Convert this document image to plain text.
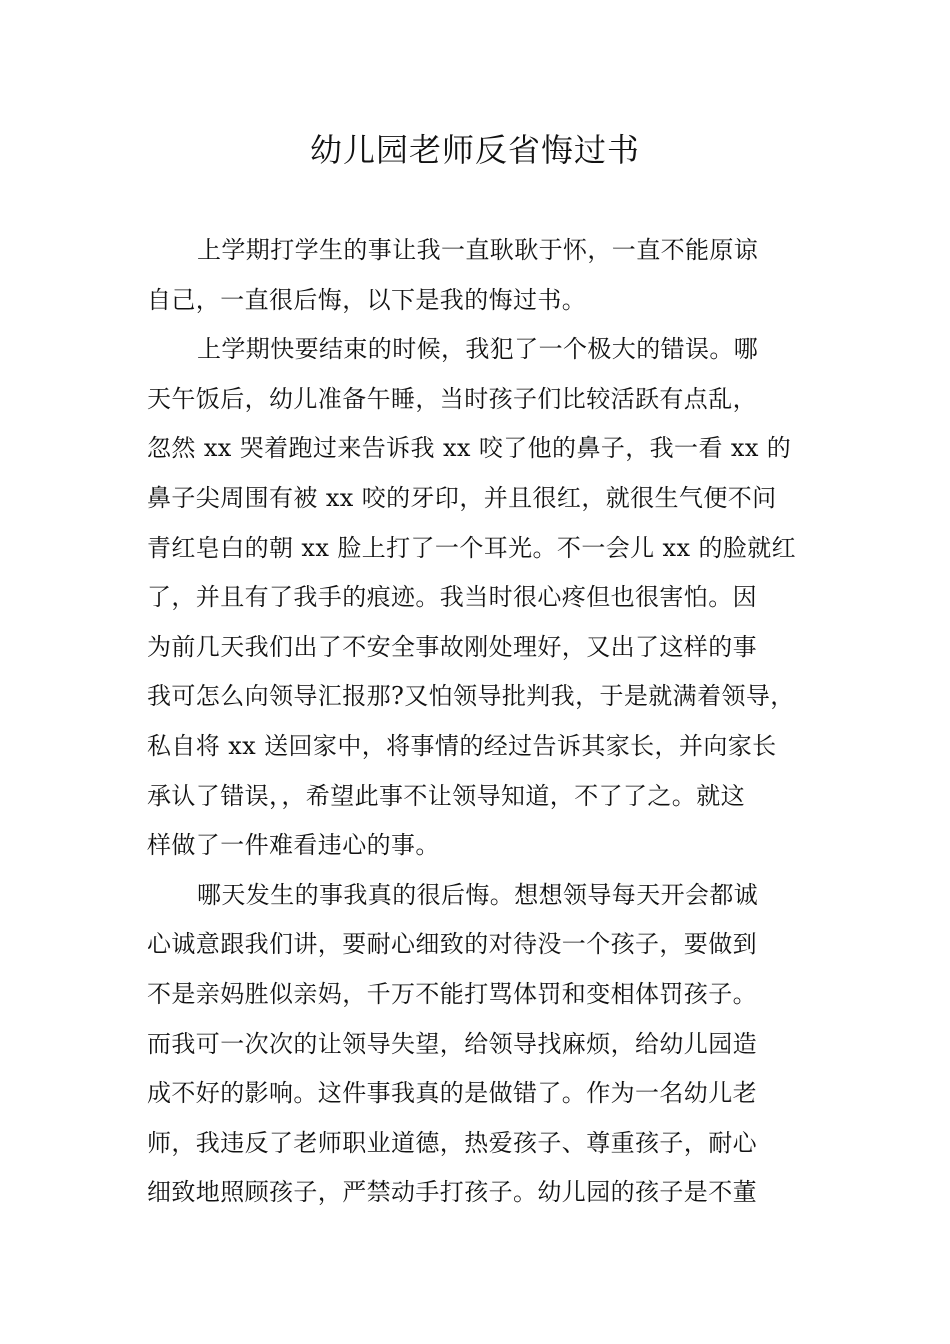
幼儿园老师反省悔过书
上学期打学生的事让我一直耿耿于怀，一直不能原谅
自己，一直很后悔，以下是我的悔过书。
上学期快要结束的时候，我犯了一个极大的错误。哪
天午饭后，幼儿准备午睡，当时孩子们比较活跃有点乱，
忽然 xx 哭着跑过来告诉我 xx 咬了他的鼻子，我一看 xx 的
鼻子尖周围有被 xx 咬的牙印，并且很红，就很生气便不问
青红皂白的朝 xx 脸上打了一个耳光。不一会儿 xx 的脸就红
了，并且有了我手的痕迹。我当时很心疼但也很害怕。因
为前几天我们出了不安全事故刚处理好，又出了这样的事
我可怎么向领导汇报那?又怕领导批判我，于是就满着领导，
私自将 xx 送回家中，将事情的经过告诉其家长，并向家长
承认了错误，，希望此事不让领导知道，不了了之。就这
样做了一件难看违心的事。
哪天发生的事我真的很后悔。想想领导每天开会都诚
心诚意跟我们讲，要耐心细致的对待没一个孩子，要做到
不是亲妈胜似亲妈，千万不能打骂体罚和变相体罚孩子。
而我可一次次的让领导失望，给领导找麻烦，给幼儿园造
成不好的影响。这件事我真的是做错了。作为一名幼儿老
师，我违反了老师职业道德，热爱孩子、尊重孩子，耐心
细致地照顾孩子，严禁动手打孩子。幼儿园的孩子是不董
